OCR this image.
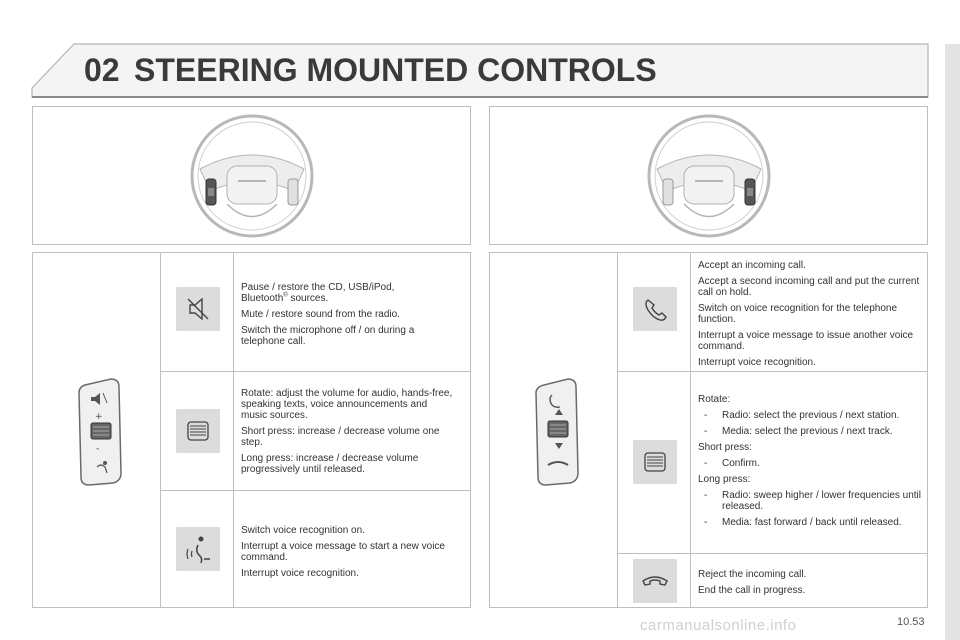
02 STEERING MOUNTED CONTROLS
+
-

Pause / restore the CD, USB/iPod,
Bluetooth® sources.

Mute / restore sound from the radio.

Switch the microphone off / on during a telephone call.

Rotate: adjust the volume for audio, hands-free, speaking texts, voice announcements and music sources.

Short press: increase / decrease volume one step.

Long press: increase / decrease volume progressively until released.

Switch voice recognition on.

Interrupt a voice message to start a new voice command.

Interrupt voice recognition.

Accept an incoming call.

Accept a second incoming call and put the current call on hold.

Switch on voice recognition for the telephone function.

Interrupt a voice message to issue another voice command.

Interrupt voice recognition.

Rotate:

- Radio: select the previous / next station.
- Media: select the previous / next track.

Short press:

- Confirm.

Long press:

- Radio: sweep higher / lower frequencies until released.
- Media: fast forward / back until released.

Reject the incoming call.

End the call in progress.

carmanualsonline.info	10.53
